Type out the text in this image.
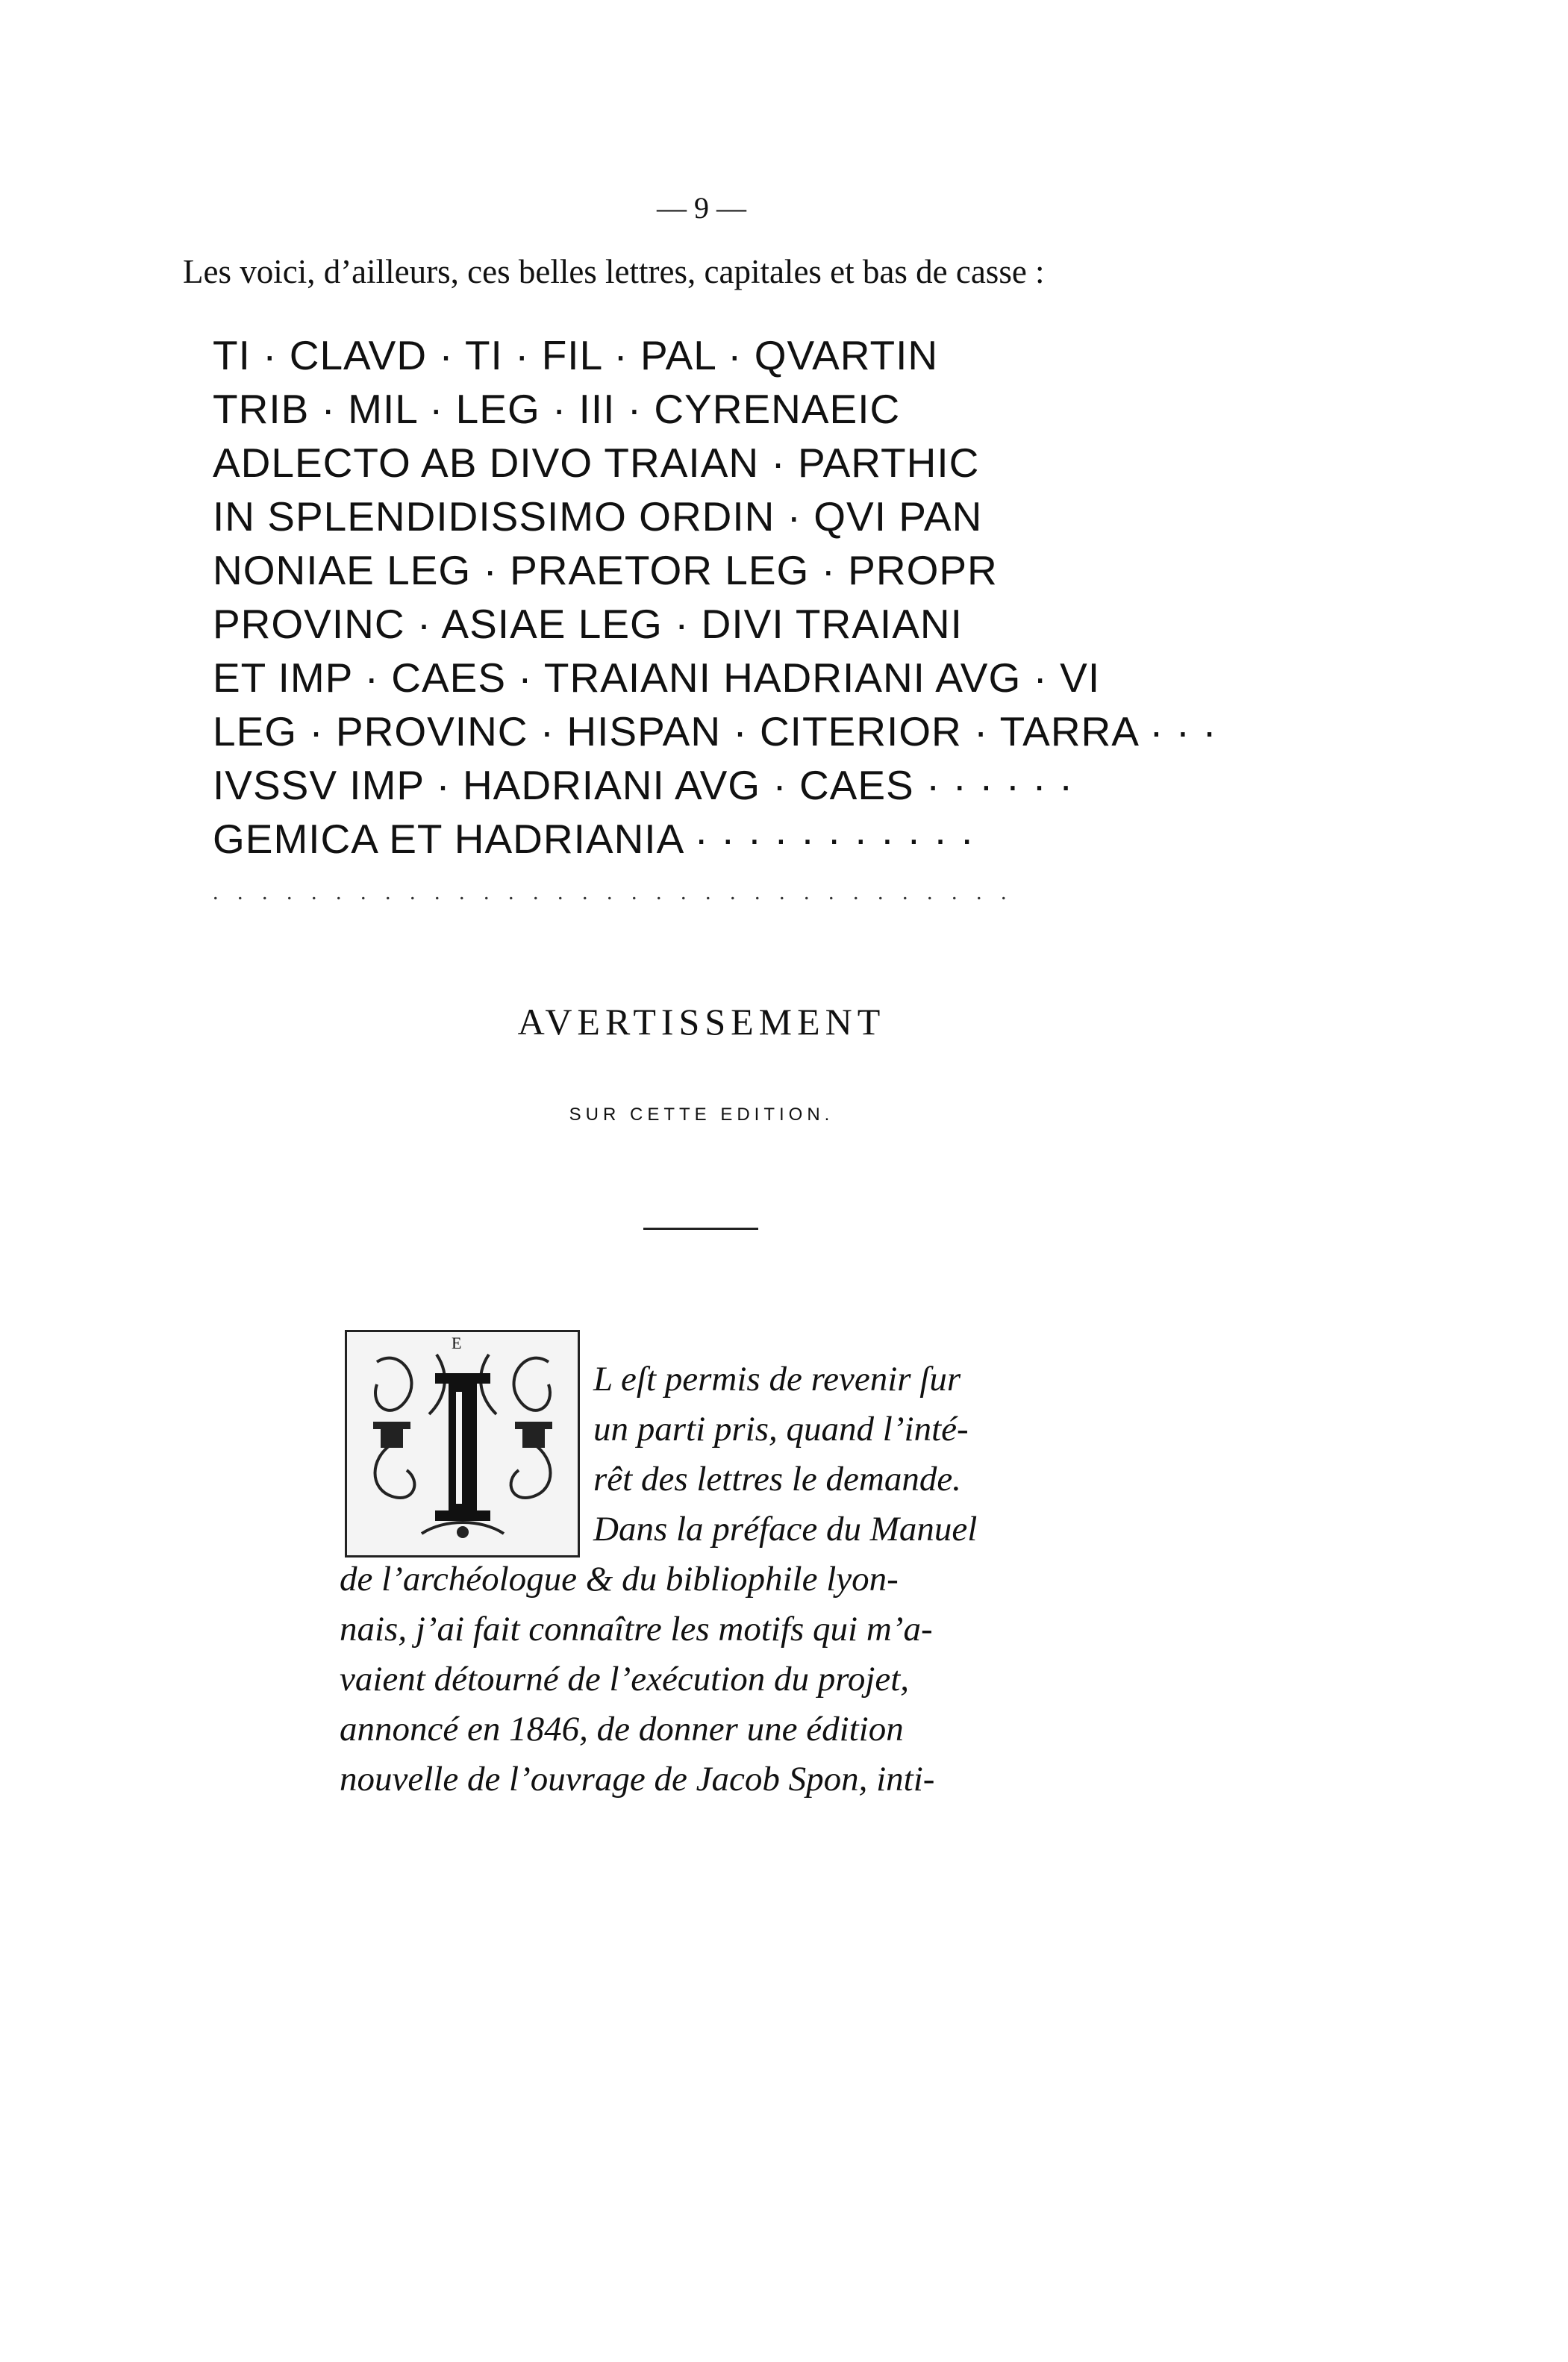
— 9 —
Les voici, d’ailleurs, ces belles lettres, capitales et bas de casse :
TI · CLAVD · TI · FIL · PAL · QVARTIN
TRIB · MIL · LEG · III · CYRENAEIC
ADLECTO AB DIVO TRAIAN · PARTHIC
IN SPLENDIDISSIMO ORDIN · QVI PAN
NONIAE LEG · PRAETOR LEG · PROPR
PROVINC · ASIAE LEG · DIVI TRAIANI
ET IMP · CAES · TRAIANI HADRIANI AVG · VI
LEG · PROVINC · HISPAN · CITERIOR · TARRA · · ·
IVSSV IMP · HADRIANI AVG · CAES · · · · · ·
GEMICA ET HADRIANIA · · · · · · · · · · ·
. . . . . . . . . . . . . . . . . . . . . . . . . . . . . . . . .
AVERTISSEMENT
SUR CETTE EDITION.
E
L eſt permis de revenir ſur
un parti pris, quand l’inté-
rêt des lettres le demande.
Dans la préface du Manuel
de l’archéologue & du bibliophile lyon-
nais, j’ai fait connaître les motifs qui m’a-
vaient détourné de l’exécution du projet,
annoncé en 1846, de donner une édition
nouvelle de l’ouvrage de Jacob Spon, inti-
